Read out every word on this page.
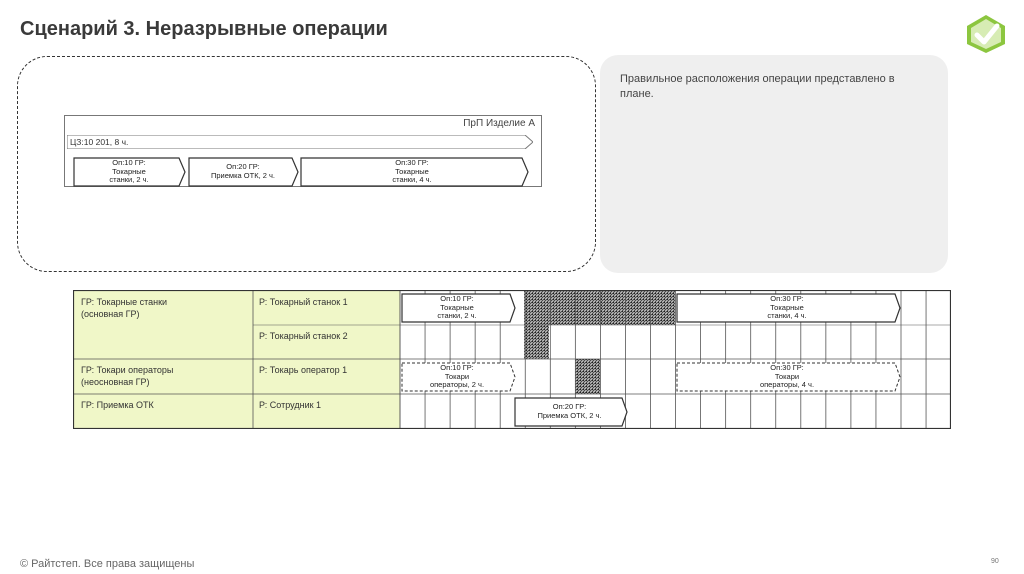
Сценарий 3. Неразрывные операции
Правильное расположения операции представлено в плане.
ПрП Изделие А
ЦЗ:10 201, 8 ч.
Оп:10 ГР:
Токарные
станки, 2 ч.
Оп:20 ГР:
Приемка ОТК, 2 ч.
Оп:30 ГР:
Токарные
станки, 4 ч.
ГР: Токарные станки
(основная ГР)
Р: Токарный станок 1
Р: Токарный станок 2
ГР: Токари операторы
(неосновная ГР)
Р: Токарь оператор 1
ГР: Приемка ОТК	Р: Сотрудник 1
Оп:10 ГР:
Токарные
станки, 2 ч.
Оп:30 ГР:
Токарные
станки, 4 ч.
Оп:10 ГР:
Токари
операторы, 2 ч.
Оп:30 ГР:
Токари
операторы, 4 ч.
Оп:20 ГР:
Приемка ОТК, 2 ч.
© Райтстеп. Все права защищены	90
